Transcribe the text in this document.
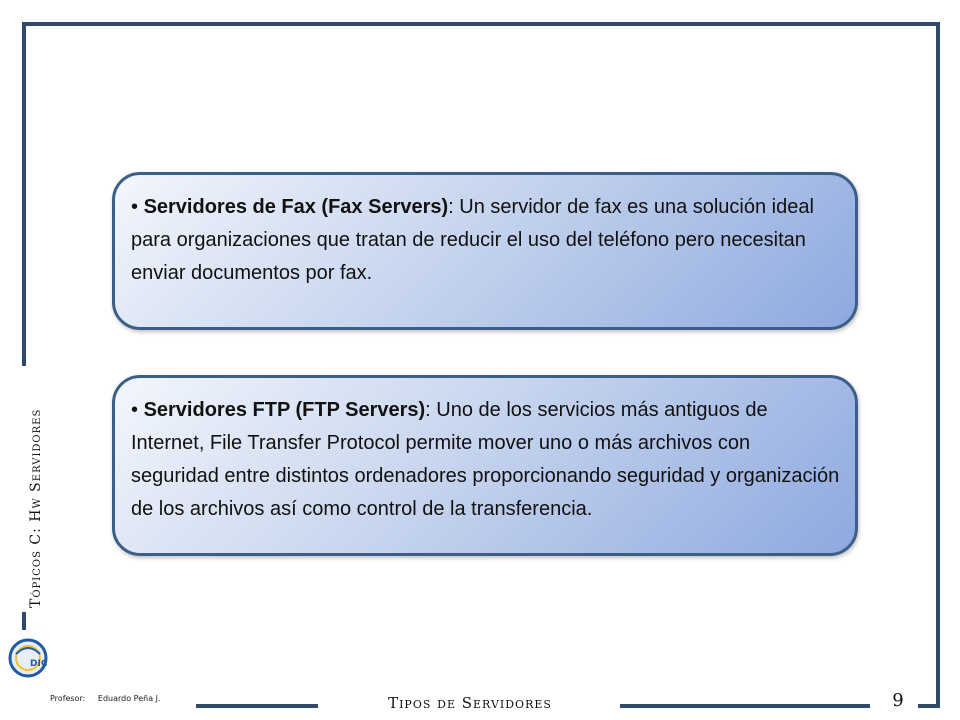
Tópicos C: Hw Servidores
DIC
Profesor: Eduardo Peña J.	Tipos de Servidores	9
• Servidores de Fax (Fax Servers): Un servidor de fax es una solución ideal para organizaciones que tratan de reducir el uso del teléfono pero necesitan enviar documentos por fax.
• Servidores FTP (FTP Servers): Uno de los servicios más antiguos de Internet, File Transfer Protocol permite mover uno o más archivos con seguridad entre distintos ordenadores proporcionando seguridad y organización de los archivos así como control de la transferencia.
